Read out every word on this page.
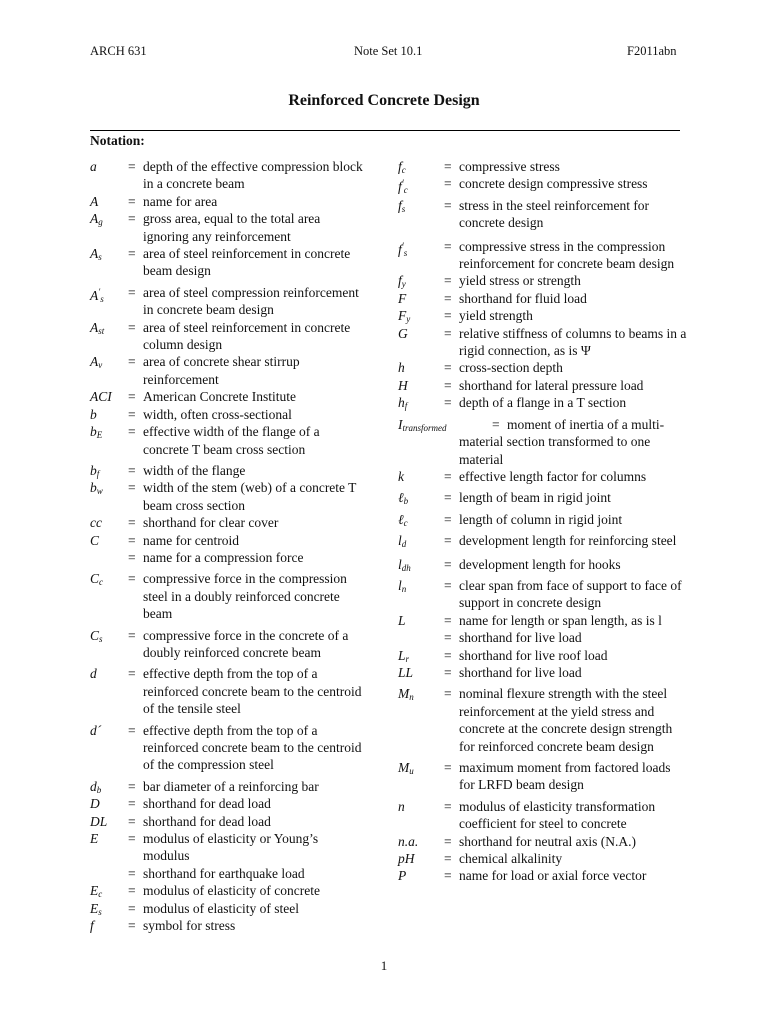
ARCH 631	Note Set 10.1	F2011abn
Reinforced Concrete Design
Notation:
a = depth of the effective compression block in a concrete beam
A = name for area
$A_g$ = gross area, equal to the total area ignoring any reinforcement
$A_s$ = area of steel reinforcement in concrete beam design
$A'_s$ = area of steel compression reinforcement in concrete beam design
$A_{st}$ = area of steel reinforcement in concrete column design
$A_v$ = area of concrete shear stirrup reinforcement
ACI = American Concrete Institute
b = width, often cross-sectional
$b_E$ = effective width of the flange of a concrete T beam cross section
$b_f$ = width of the flange
$b_w$ = width of the stem (web) of a concrete T beam cross section
cc = shorthand for clear cover
C = name for centroid
= name for a compression force
$C_c$ = compressive force in the compression steel in a doubly reinforced concrete beam
$C_s$ = compressive force in the concrete of a doubly reinforced concrete beam
d = effective depth from the top of a reinforced concrete beam to the centroid of the tensile steel
d´ = effective depth from the top of a reinforced concrete beam to the centroid of the compression steel
$d_b$ = bar diameter of a reinforcing bar
D = shorthand for dead load
DL = shorthand for dead load
E = modulus of elasticity or Young’s modulus
= shorthand for earthquake load
$E_c$ = modulus of elasticity of concrete
$E_s$ = modulus of elasticity of steel
f	= symbol for stress
$f_c$	= compressive stress
$f'_c$	= concrete design compressive stress
$f_s$	= stress in the steel reinforcement for concrete design
$f'_s$	= compressive stress in the compression reinforcement for concrete beam design
$f_y$	= yield stress or strength
F	= shorthand for fluid load
$F_y$	= yield strength
G	= relative stiffness of columns to beams in a rigid connection, as is Ψ
h	= cross-section depth
H	= shorthand for lateral pressure load
$h_f$	= depth of a flange in a T section
$I_{transformed}$	= moment of inertia of a multi-material section transformed to one material
k	= effective length factor for columns
ℓ$_b$	= length of beam in rigid joint
ℓ$_c$	= length of column in rigid joint
$l_d$	= development length for reinforcing steel
$l_{dh}$ = development length for hooks
$l_n$	= clear span from face of support to face of support in concrete design
L	= name for length or span length, as is l
= shorthand for live load
$L_r$	= shorthand for live roof load
LL = shorthand for live load
$M_n$ = nominal flexure strength with the steel reinforcement at the yield stress and concrete at the concrete design strength for reinforced concrete beam design
$M_u$ = maximum moment from factored loads for LRFD beam design
n	= modulus of elasticity transformation coefficient for steel to concrete
n.a. = shorthand for neutral axis (N.A.)
pH = chemical alkalinity
P	= name for load or axial force vector
1
